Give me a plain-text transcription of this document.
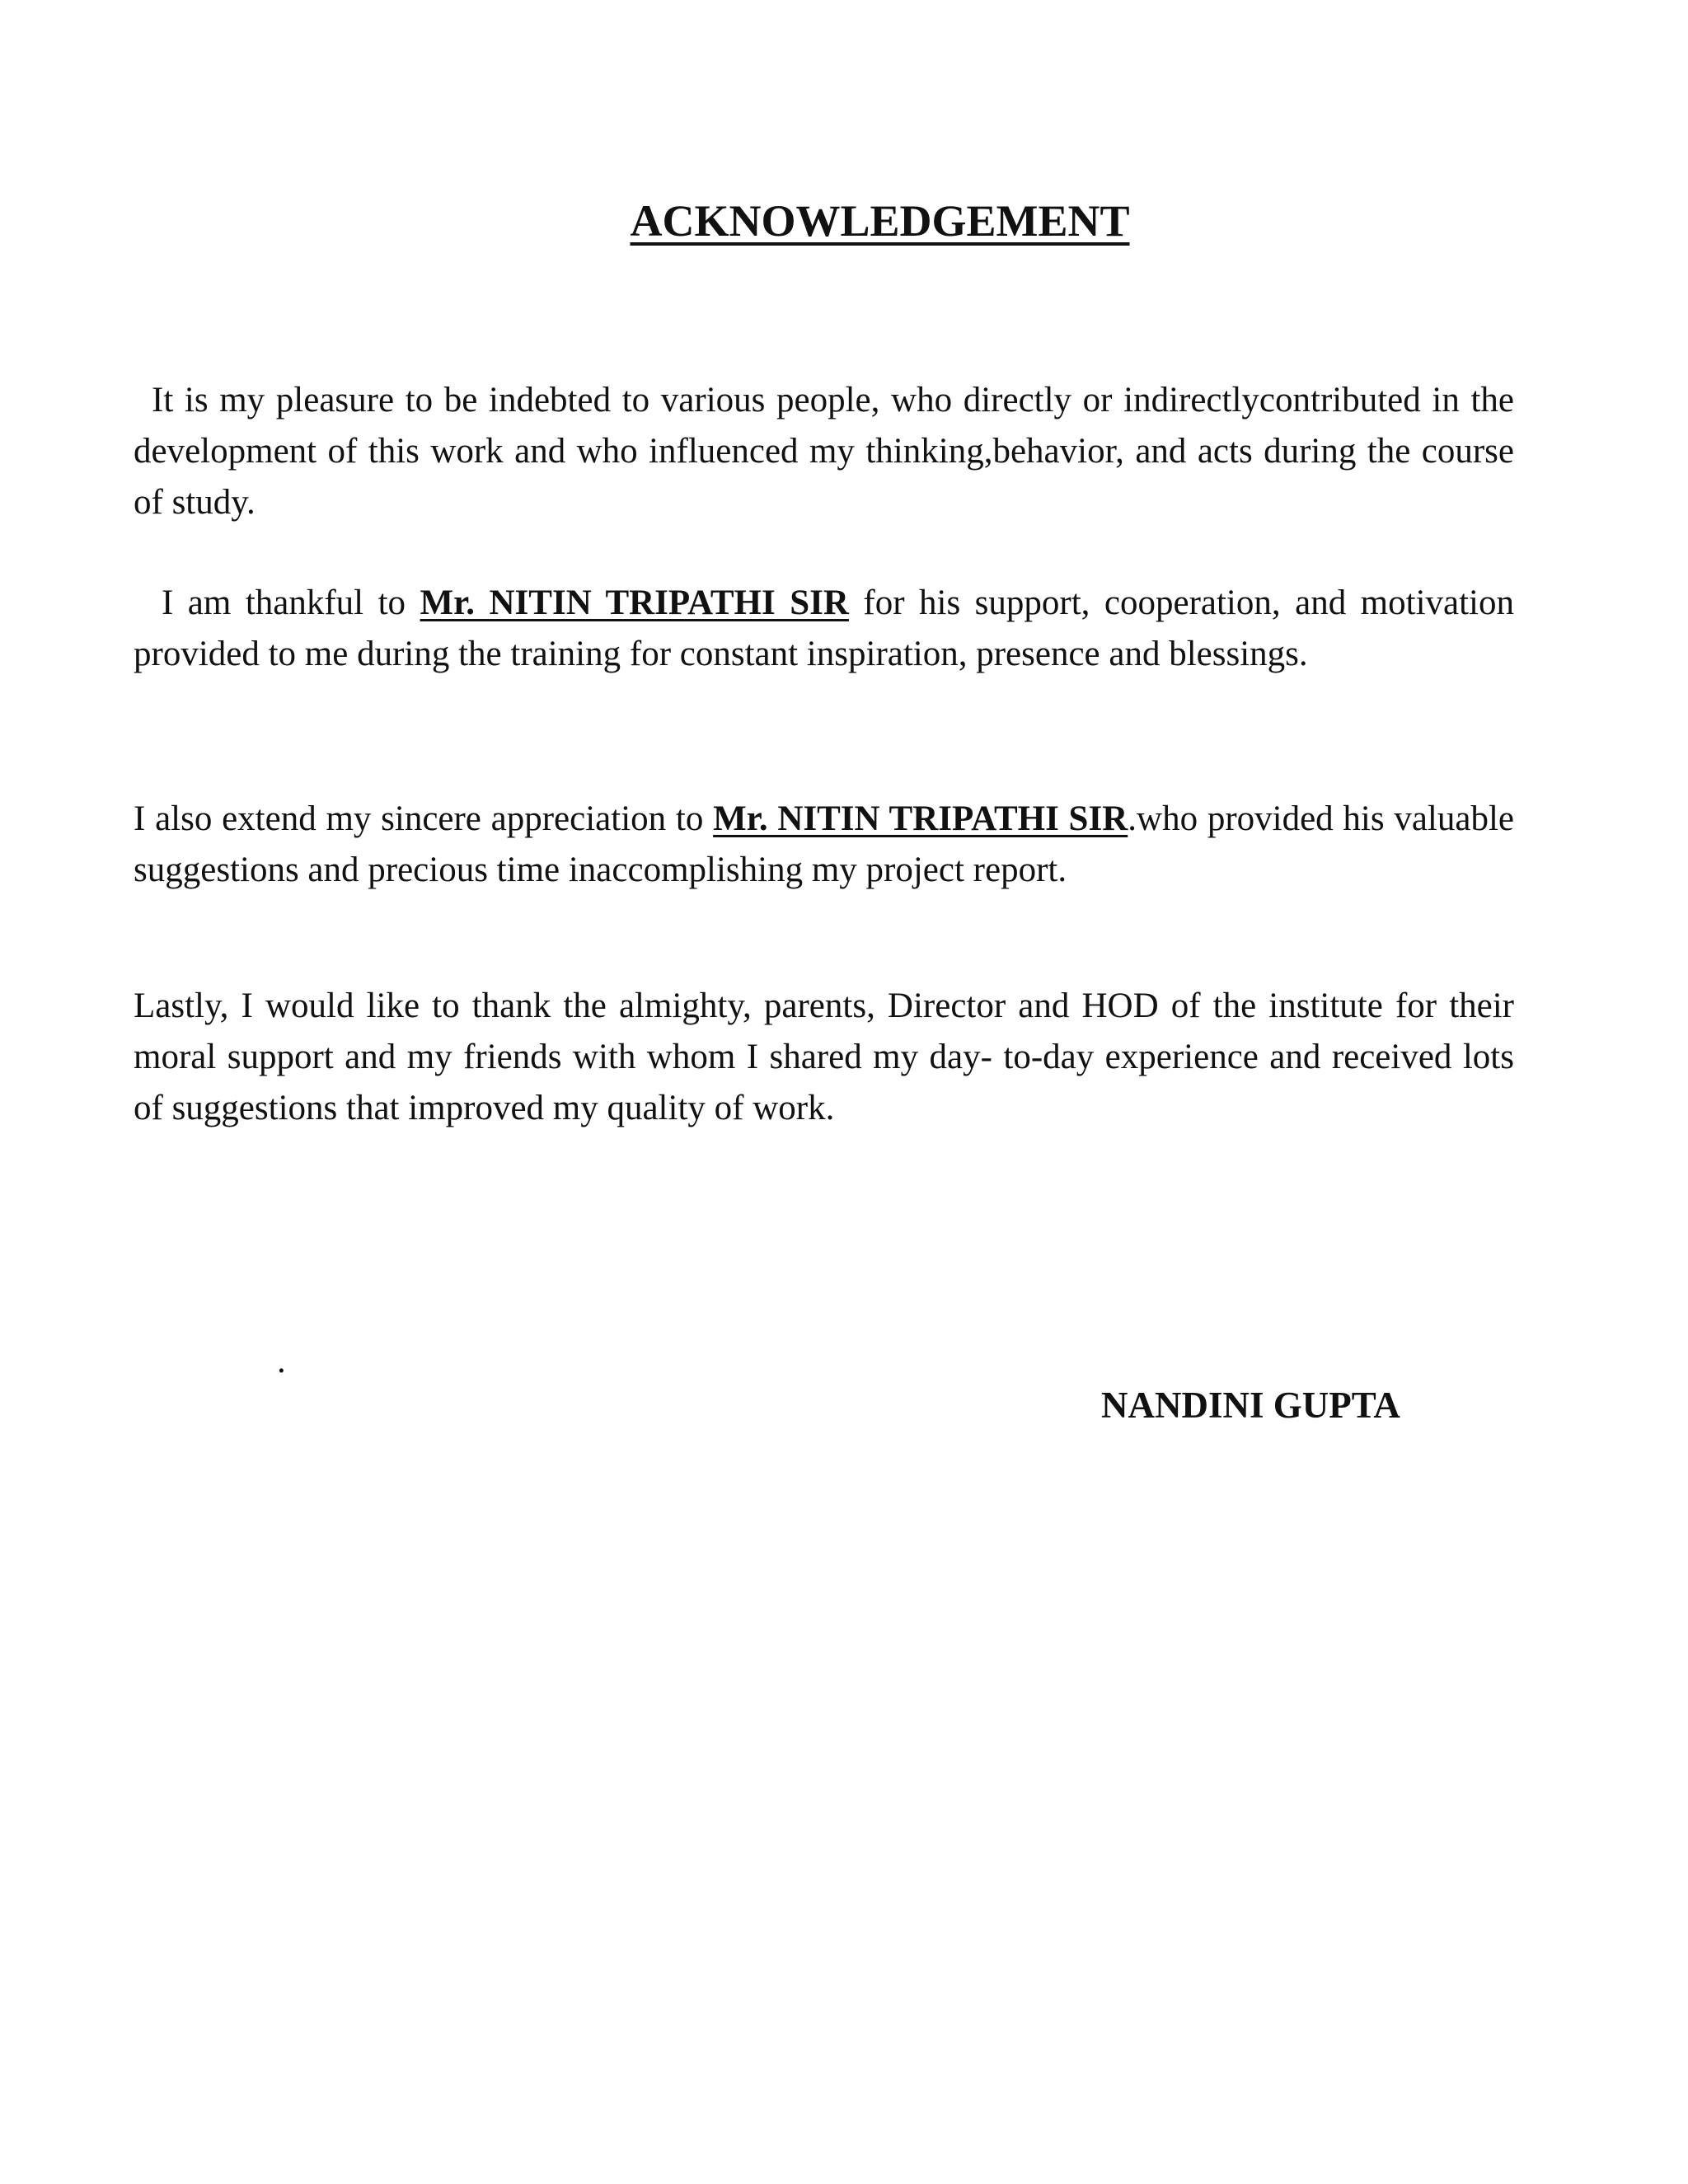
ACKNOWLEDGEMENT

It is my pleasure to be indebted to various people, who directly or indirectlycontributed in the development of this work and who influenced my thinking,behavior, and acts during the course of study.

I am thankful to Mr. NITIN TRIPATHI SIR for his support, cooperation, and motivation provided to me during the training for constant inspiration, presence and blessings.

I also extend my sincere appreciation to Mr. NITIN TRIPATHI SIR.who provided his valuable suggestions and precious time inaccomplishing my project report.

Lastly, I would like to thank the almighty, parents, Director and HOD of the institute for their moral support and my friends with whom I shared my day- to-day experience and received lots of suggestions that improved my quality of work.

.

NANDINI GUPTA
